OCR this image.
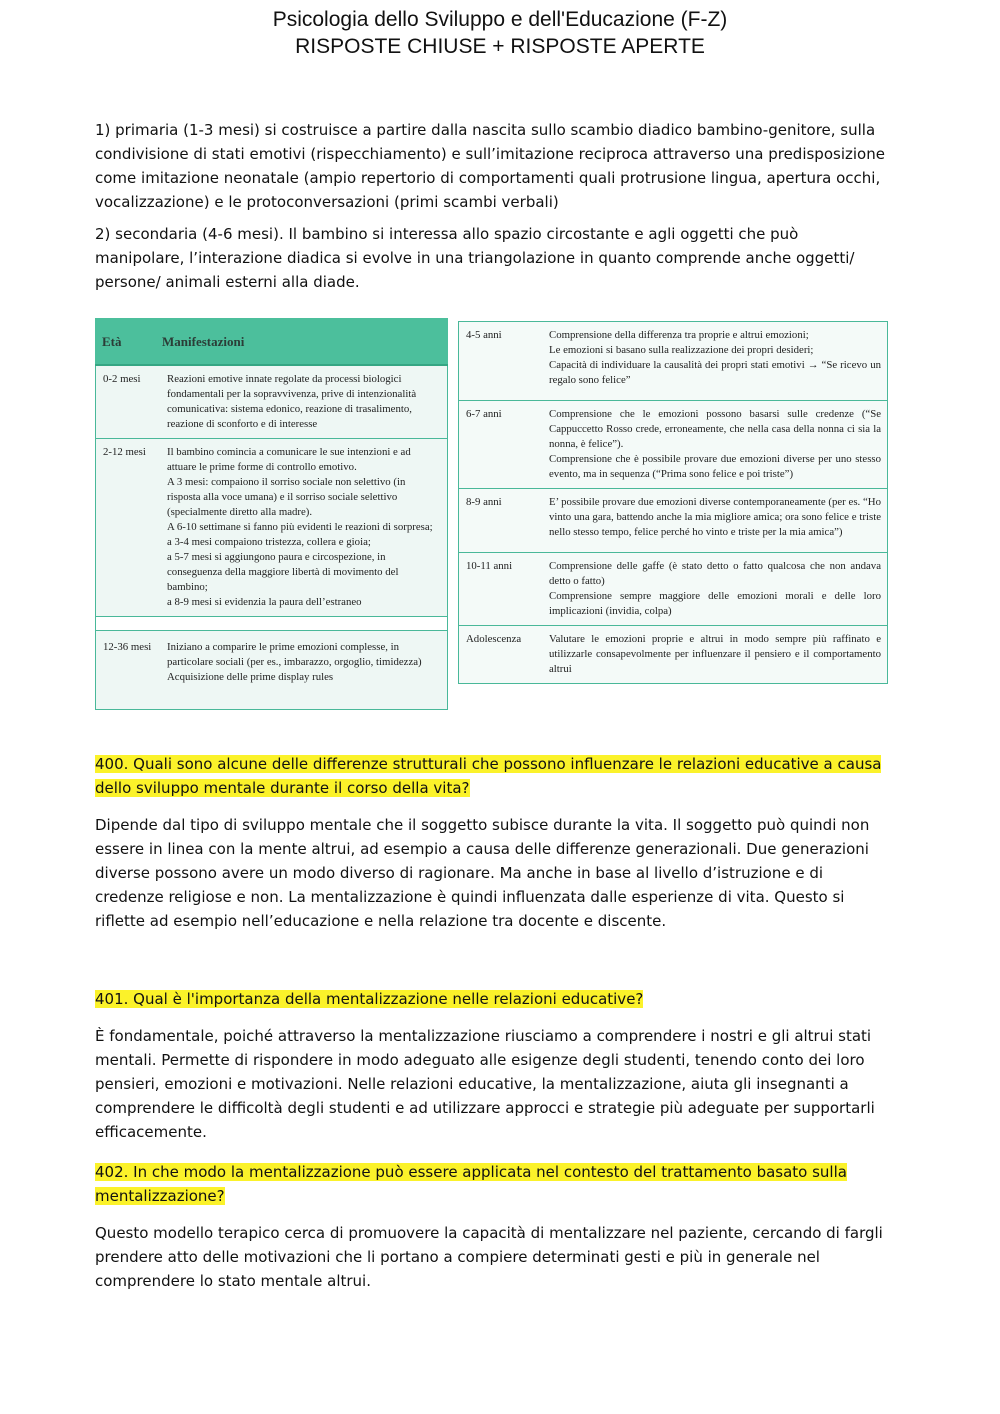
Psicologia dello Sviluppo e dell'Educazione (F-Z)
RISPOSTE CHIUSE + RISPOSTE APERTE

1) primaria (1-3 mesi) si costruisce a partire dalla nascita sullo scambio diadico bambino-genitore, sulla condivisione di stati emotivi (rispecchiamento) e sull’imitazione reciproca attraverso una predisposizione come imitazione neonatale (ampio repertorio di comportamenti quali protrusione lingua, apertura occhi, vocalizzazione) e le protoconversazioni (primi scambi verbali)

2) secondaria (4-6 mesi). Il bambino si interessa allo spazio circostante e agli oggetti che può manipolare, l’interazione diadica si evolve in una triangolazione in quanto comprende anche oggetti/ persone/ animali esterni alla diade.

Età	Manifestazioni
0-2 mesi	Reazioni emotive innate regolate da processi biologici fondamentali per la sopravvivenza, prive di intenzionalità comunicativa: sistema edonico, reazione di trasalimento, reazione di sconforto e di interesse
2-12 mesi	Il bambino comincia a comunicare le sue intenzioni e ad attuare le prime forme di controllo emotivo.
A 3 mesi: compaiono il sorriso sociale non selettivo (in risposta alla voce umana) e il sorriso sociale selettivo (specialmente diretto alla madre).
A 6-10 settimane si fanno più evidenti le reazioni di sorpresa;
a 3-4 mesi compaiono tristezza, collera e gioia;
a 5-7 mesi si aggiungono paura e circospezione, in conseguenza della maggiore libertà di movimento del bambino;
a 8-9 mesi si evidenzia la paura dell’estraneo
12-36 mesi	Iniziano a comparire le prime emozioni complesse, in particolare sociali (per es., imbarazzo, orgoglio, timidezza)
Acquisizione delle prime display rules
4-5 anni	Comprensione della differenza tra proprie e altrui emozioni;
Le emozioni si basano sulla realizzazione dei propri desideri;
Capacità di individuare la causalità dei propri stati emotivi → “Se ricevo un regalo sono felice”
6-7 anni	Comprensione che le emozioni possono basarsi sulle credenze (“Se Cappuccetto Rosso crede, erroneamente, che nella casa della nonna ci sia la nonna, è felice”).
Comprensione che è possibile provare due emozioni diverse per uno stesso evento, ma in sequenza (“Prima sono felice e poi triste”)
8-9 anni	E’ possibile provare due emozioni diverse contemporaneamente (per es. “Ho vinto una gara, battendo anche la mia migliore amica; ora sono felice e triste nello stesso tempo, felice perché ho vinto e triste per la mia amica”)
10-11 anni	Comprensione delle gaffe (è stato detto o fatto qualcosa che non andava detto o fatto)
Comprensione sempre maggiore delle emozioni morali e delle loro implicazioni (invidia, colpa)
Adolescenza	Valutare le emozioni proprie e altrui in modo sempre più raffinato e utilizzarle consapevolmente per influenzare il pensiero e il comportamento altrui

400. Quali sono alcune delle differenze strutturali che possono influenzare le relazioni educative a causa dello sviluppo mentale durante il corso della vita?

Dipende dal tipo di sviluppo mentale che il soggetto subisce durante la vita. Il soggetto può quindi non essere in linea con la mente altrui, ad esempio a causa delle differenze generazionali. Due generazioni diverse possono avere un modo diverso di ragionare. Ma anche in base al livello d’istruzione e di credenze religiose e non. La mentalizzazione è quindi influenzata dalle esperienze di vita. Questo si riflette ad esempio nell’educazione e nella relazione tra docente e discente.

401. Qual è l'importanza della mentalizzazione nelle relazioni educative?

È fondamentale, poiché attraverso la mentalizzazione riusciamo a comprendere i nostri e gli altrui stati mentali. Permette di rispondere in modo adeguato alle esigenze degli studenti, tenendo conto dei loro pensieri, emozioni e motivazioni. Nelle relazioni educative, la mentalizzazione, aiuta gli insegnanti a comprendere le difficoltà degli studenti e ad utilizzare approcci e strategie più adeguate per supportarli efficacemente.

402. In che modo la mentalizzazione può essere applicata nel contesto del trattamento basato sulla mentalizzazione?

Questo modello terapico cerca di promuovere la capacità di mentalizzare nel paziente, cercando di fargli prendere atto delle motivazioni che li portano a compiere determinati gesti e più in generale nel comprendere lo stato mentale altrui.
